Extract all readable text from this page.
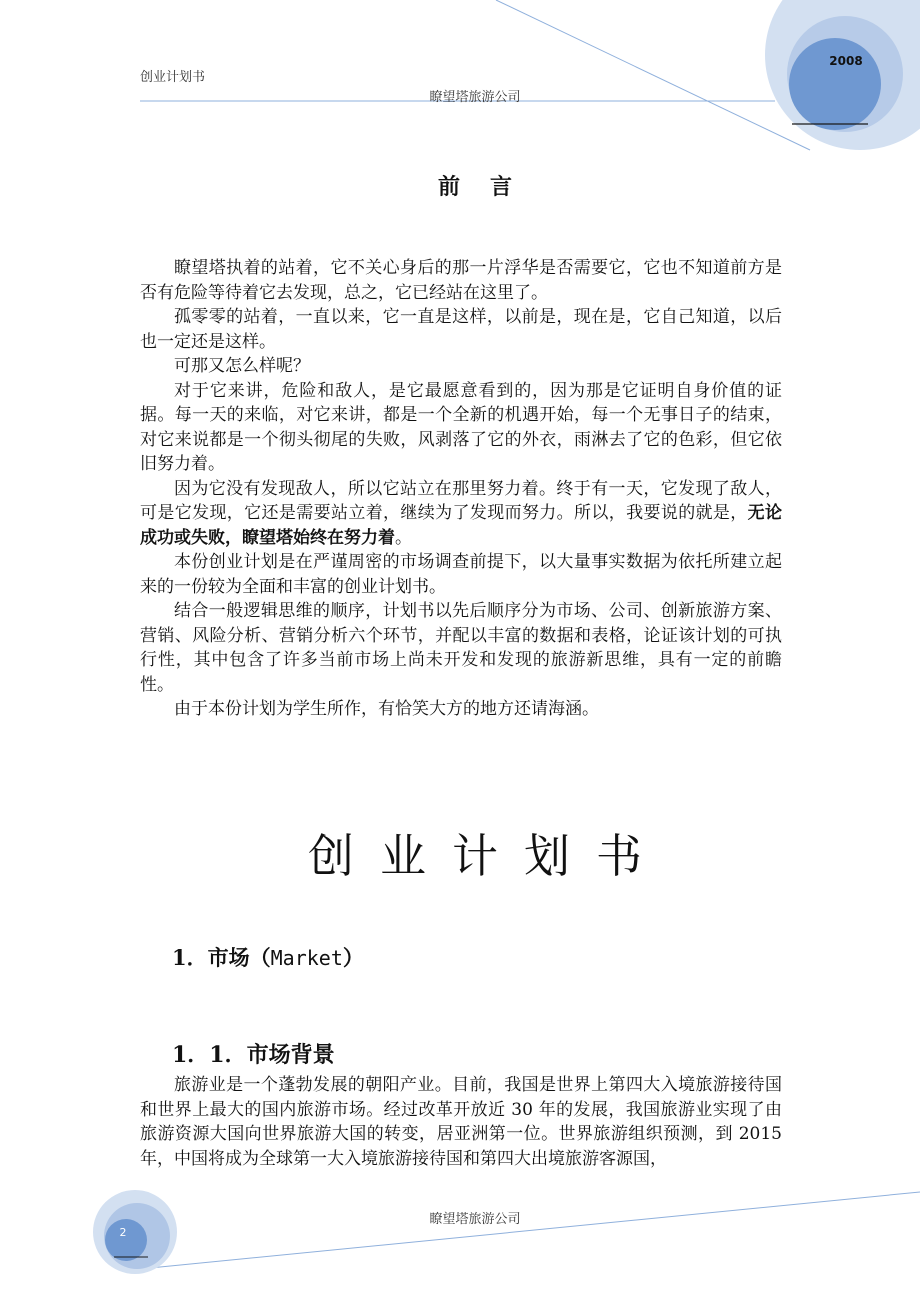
创业计划书
瞭望塔旅游公司
2008
前言

瞭望塔执着的站着，它不关心身后的那一片浮华是否需要它，它也不知道前方是否有危险等待着它去发现，总之，它已经站在这里了。

孤零零的站着，一直以来，它一直是这样，以前是，现在是，它自己知道，以后也一定还是这样。

可那又怎么样呢？

对于它来讲，危险和敌人，是它最愿意看到的，因为那是它证明自身价值的证据。每一天的来临，对它来讲，都是一个全新的机遇开始，每一个无事日子的结束，对它来说都是一个彻头彻尾的失败，风剥落了它的外衣，雨淋去了它的色彩，但它依旧努力着。

因为它没有发现敌人，所以它站立在那里努力着。终于有一天，它发现了敌人，可是它发现，它还是需要站立着，继续为了发现而努力。所以，我要说的就是，无论成功或失败，瞭望塔始终在努力着。

本份创业计划是在严谨周密的市场调查前提下，以大量事实数据为依托所建立起来的一份较为全面和丰富的创业计划书。

结合一般逻辑思维的顺序，计划书以先后顺序分为市场、公司、创新旅游方案、营销、风险分析、营销分析六个环节，并配以丰富的数据和表格，论证该计划的可执行性，其中包含了许多当前市场上尚未开发和发现的旅游新思维，具有一定的前瞻性。

由于本份计划为学生所作，有恰笑大方的地方还请海涵。

创业计划书
1．市场（Market）
1．1．市场背景

旅游业是一个蓬勃发展的朝阳产业。目前，我国是世界上第四大入境旅游接待国和世界上最大的国内旅游市场。经过改革开放近 30 年的发展，我国旅游业实现了由旅游资源大国向世界旅游大国的转变，居亚洲第一位。世界旅游组织预测，到 2015 年，中国将成为全球第一大入境旅游接待国和第四大出境旅游客源国，

瞭望塔旅游公司
2
